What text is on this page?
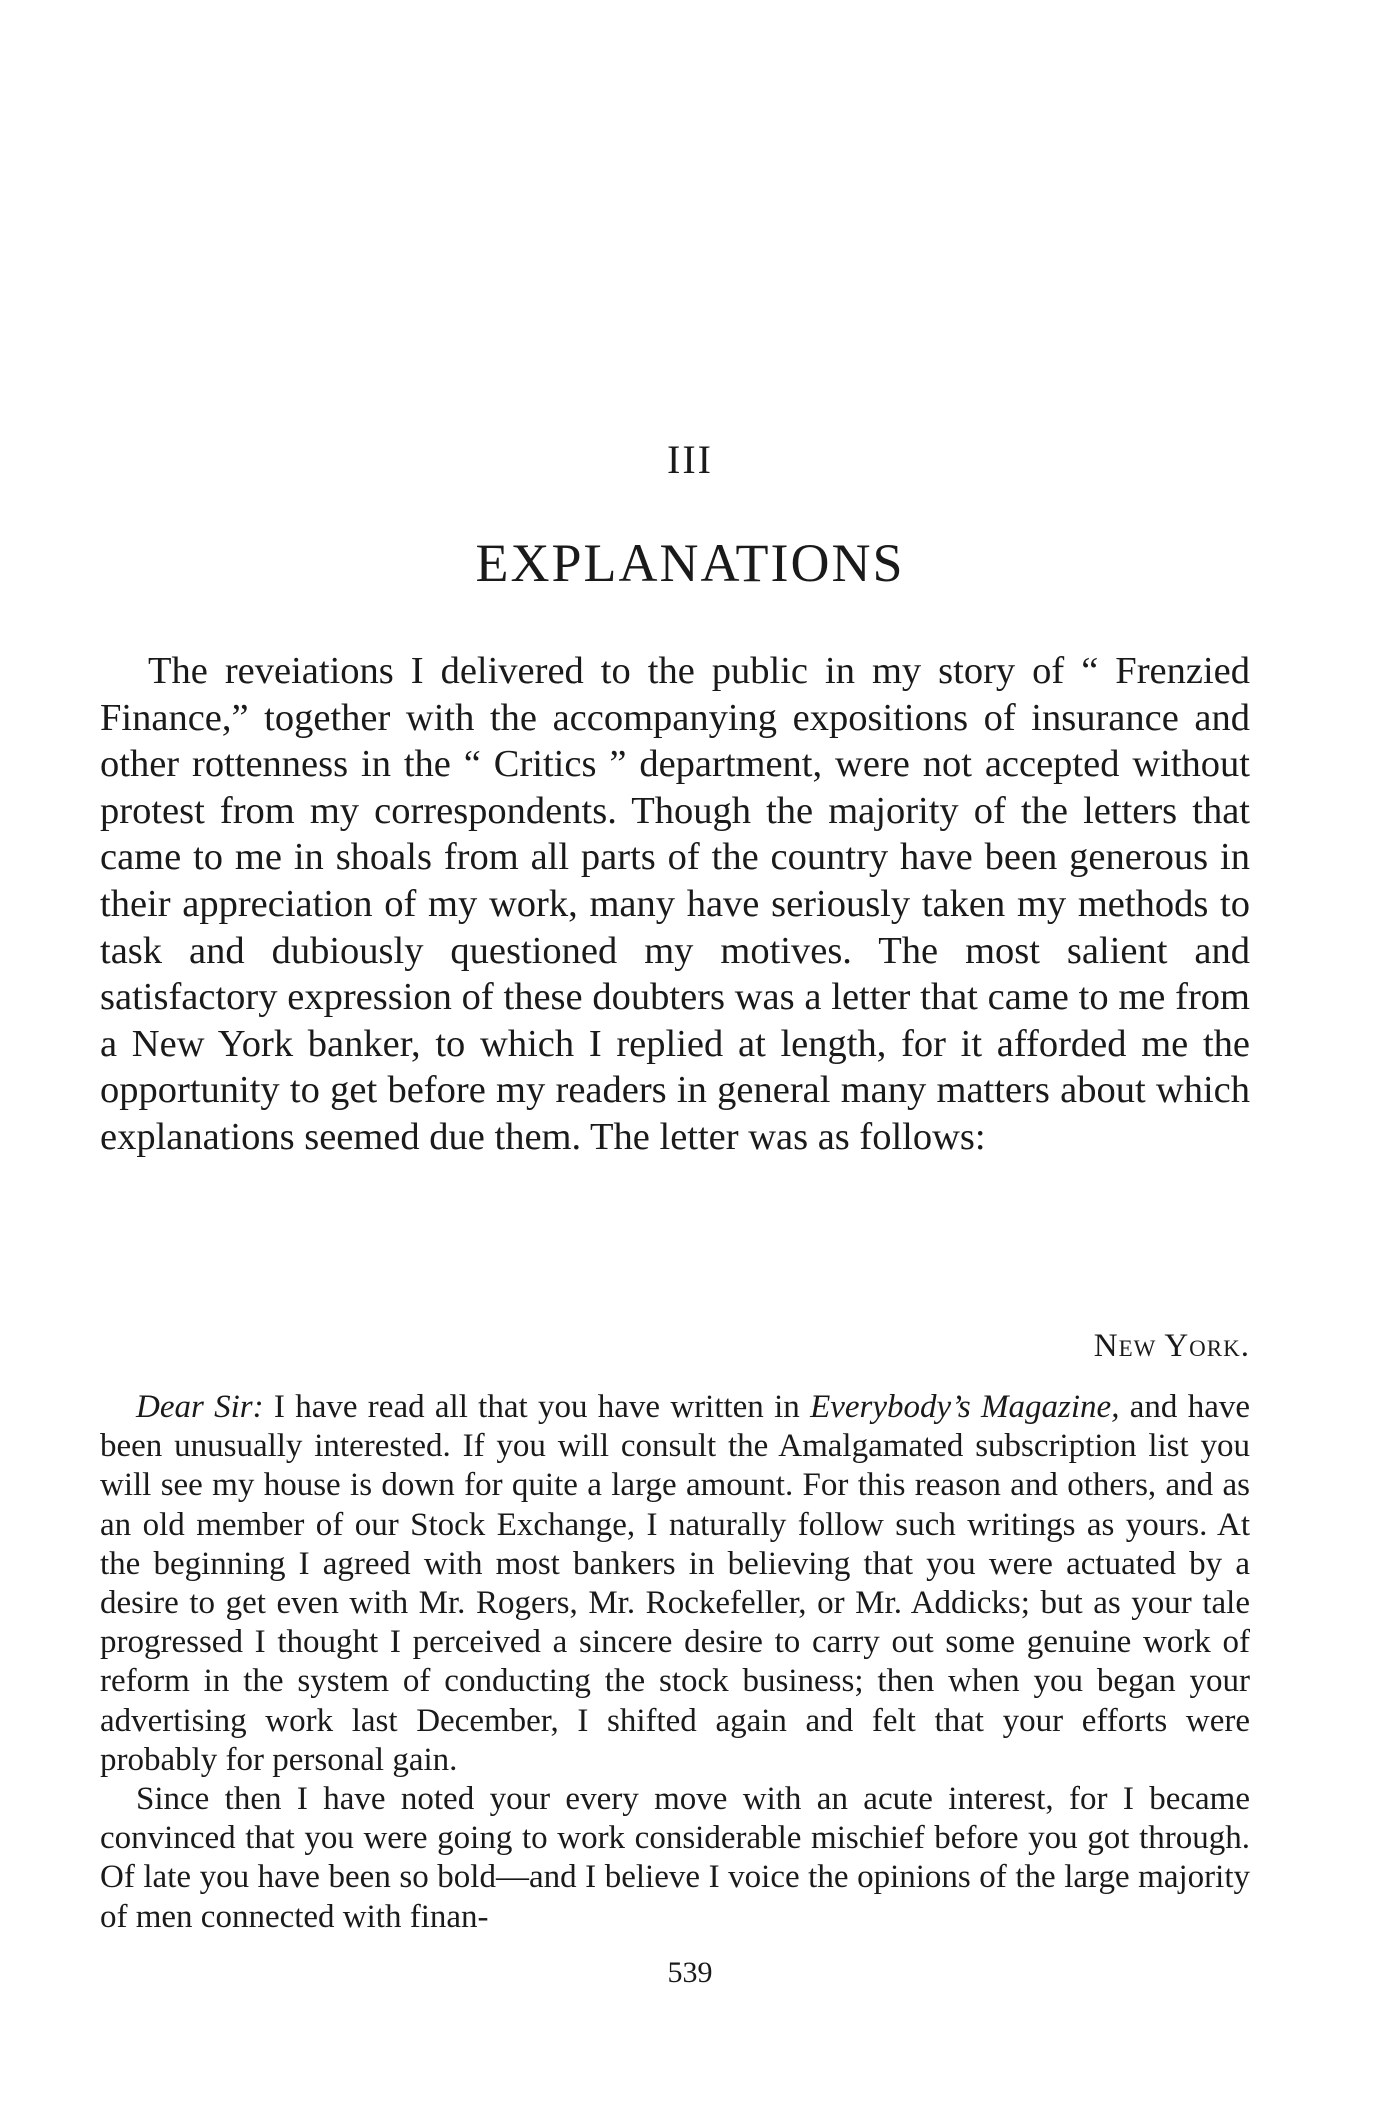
III
EXPLANATIONS

The reveiations I delivered to the public in my story of “ Frenzied Finance,” together with the accompanying expositions of insurance and other rottenness in the “ Critics ” department, were not accepted without protest from my correspondents. Though the majority of the letters that came to me in shoals from all parts of the country have been generous in their appreciation of my work, many have seriously taken my methods to task and dubiously questioned my motives. The most salient and satisfactory expression of these doubters was a letter that came to me from a New York banker, to which I replied at length, for it afforded me the opportunity to get before my readers in general many matters about which explanations seemed due them. The letter was as follows:

New York.

Dear Sir: I have read all that you have written in Everybody’s Magazine, and have been unusually interested. If you will consult the Amalgamated subscription list you will see my house is down for quite a large amount. For this reason and others, and as an old member of our Stock Exchange, I naturally follow such writings as yours. At the beginning I agreed with most bankers in believing that you were actuated by a desire to get even with Mr. Rogers, Mr. Rockefeller, or Mr. Addicks; but as your tale progressed I thought I perceived a sincere desire to carry out some genuine work of reform in the system of conducting the stock business; then when you began your advertising work last December, I shifted again and felt that your efforts were probably for personal gain.

Since then I have noted your every move with an acute interest, for I became convinced that you were going to work considerable mischief before you got through. Of late you have been so bold—and I believe I voice the opinions of the large majority of men connected with finan-

539
